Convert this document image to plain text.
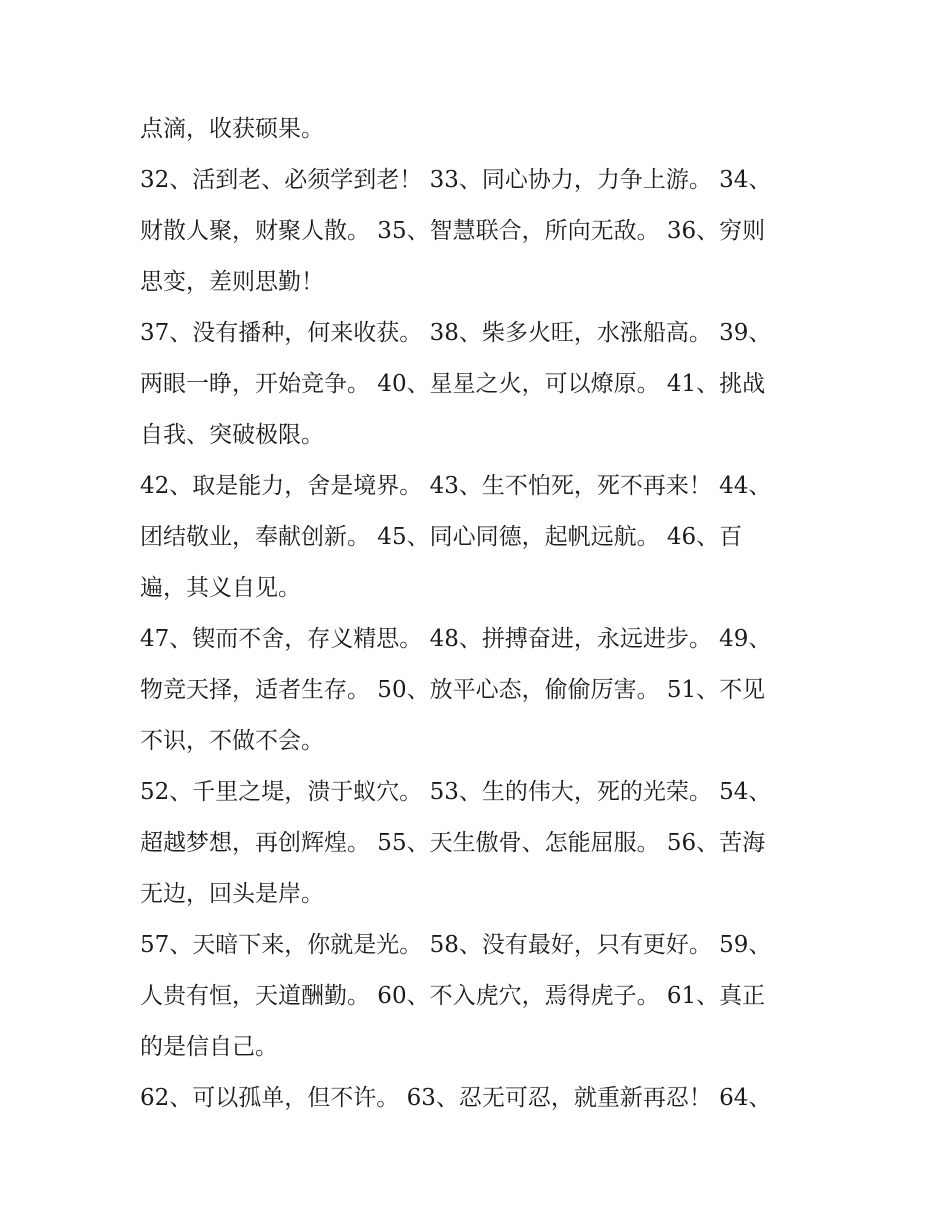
点滴，收获硕果。
32、活到老、必须学到老！ 33、同心协力，力争上游。 34、
财散人聚，财聚人散。 35、智慧联合，所向无敌。 36、穷则
思变，差则思勤！
37、没有播种，何来收获。 38、柴多火旺，水涨船高。 39、
两眼一睁，开始竞争。 40、星星之火，可以燎原。 41、挑战
自我、突破极限。
42、取是能力，舍是境界。 43、生不怕死，死不再来！ 44、
团结敬业，奉献创新。 45、同心同德，起帆远航。 46、百
遍，其义自见。
47、锲而不舍，存义精思。 48、拼搏奋进，永远进步。 49、
物竞天择，适者生存。 50、放平心态，偷偷厉害。 51、不见
不识，不做不会。
52、千里之堤，溃于蚁穴。 53、生的伟大，死的光荣。 54、
超越梦想，再创辉煌。 55、天生傲骨、怎能屈服。 56、苦海
无边，回头是岸。
57、天暗下来，你就是光。 58、没有最好，只有更好。 59、
人贵有恒，天道酬勤。 60、不入虎穴，焉得虎子。 61、真正
的是信自己。
62、可以孤单，但不许。 63、忍无可忍，就重新再忍！ 64、
